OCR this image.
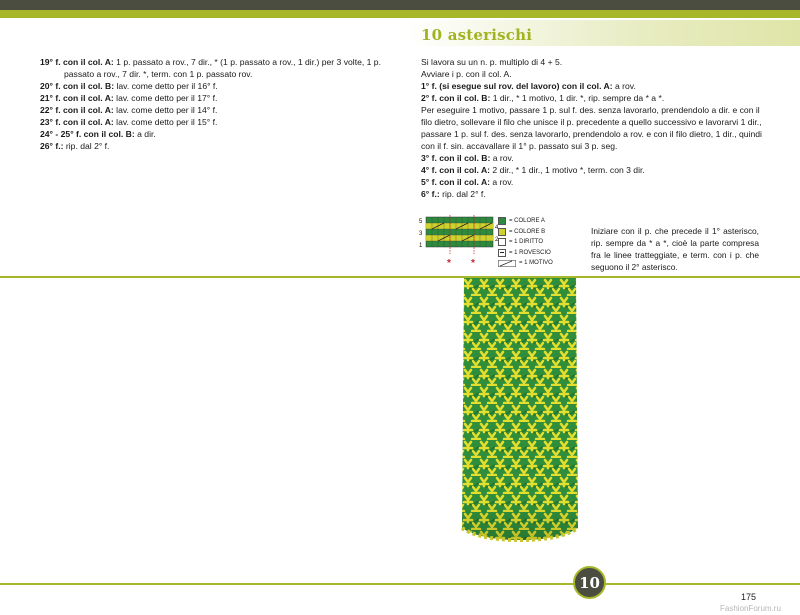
10 asterischi

19° f. con il col. A: 1 p. passato a rov., 7 dir., * (1 p. passato a rov., 1 dir.) per 3 volte, 1 p.

passato a rov., 7 dir. *, term. con 1 p. passato rov.

20° f. con il col. B: lav. come detto per il 16° f.

21° f. con il col. A: lav. come detto per il 17° f.

22° f. con il col. A: lav. come detto per il 14° f.

23° f. con il col. A: lav. come detto per il 15° f.

24° - 25° f. con il col. B: a dir.

26° f.: rip. dal 2° f.

Si lavora su un n. p. multiplo di 4 + 5.

Avviare i p. con il col. A.

1° f. (si esegue sul rov. del lavoro) con il col. A: a rov.

2° f. con il col. B: 1 dir., * 1 motivo, 1 dir. *, rip. sempre da * a *.

Per eseguire 1 motivo, passare 1 p. sul f. des. senza lavorarlo, prendendolo a dir. e con il filo dietro, sollevare il filo che unisce il p. precedente a quello successivo e lavorarvi 1 dir., passare 1 p. sul f. des. senza lavorarlo, prendendolo a rov. e con il filo dietro, 1 dir., quindi con il f. sin. accavallare il 1° p. passato sui 3 p. seg.

3° f. con il col. B: a rov.

4° f. con il col. A: 2 dir., * 1 dir., 1 motivo *, term. con 3 dir.

5° f. con il col. A: a rov.

6° f.: rip. dal 2° f.

5
3
1
4
2
* *
= COLORE A
= COLORE B
= 1 DIRITTO
= 1 ROVESCIO
= 1 MOTIVO

Iniziare con il p. che precede il 1° asterisco, rip. sempre da * a *, cioè la parte compresa fra le linee tratteggiate, e term. con i p. che seguono il 2° asterisco.

10
175
FashionForum.ru
